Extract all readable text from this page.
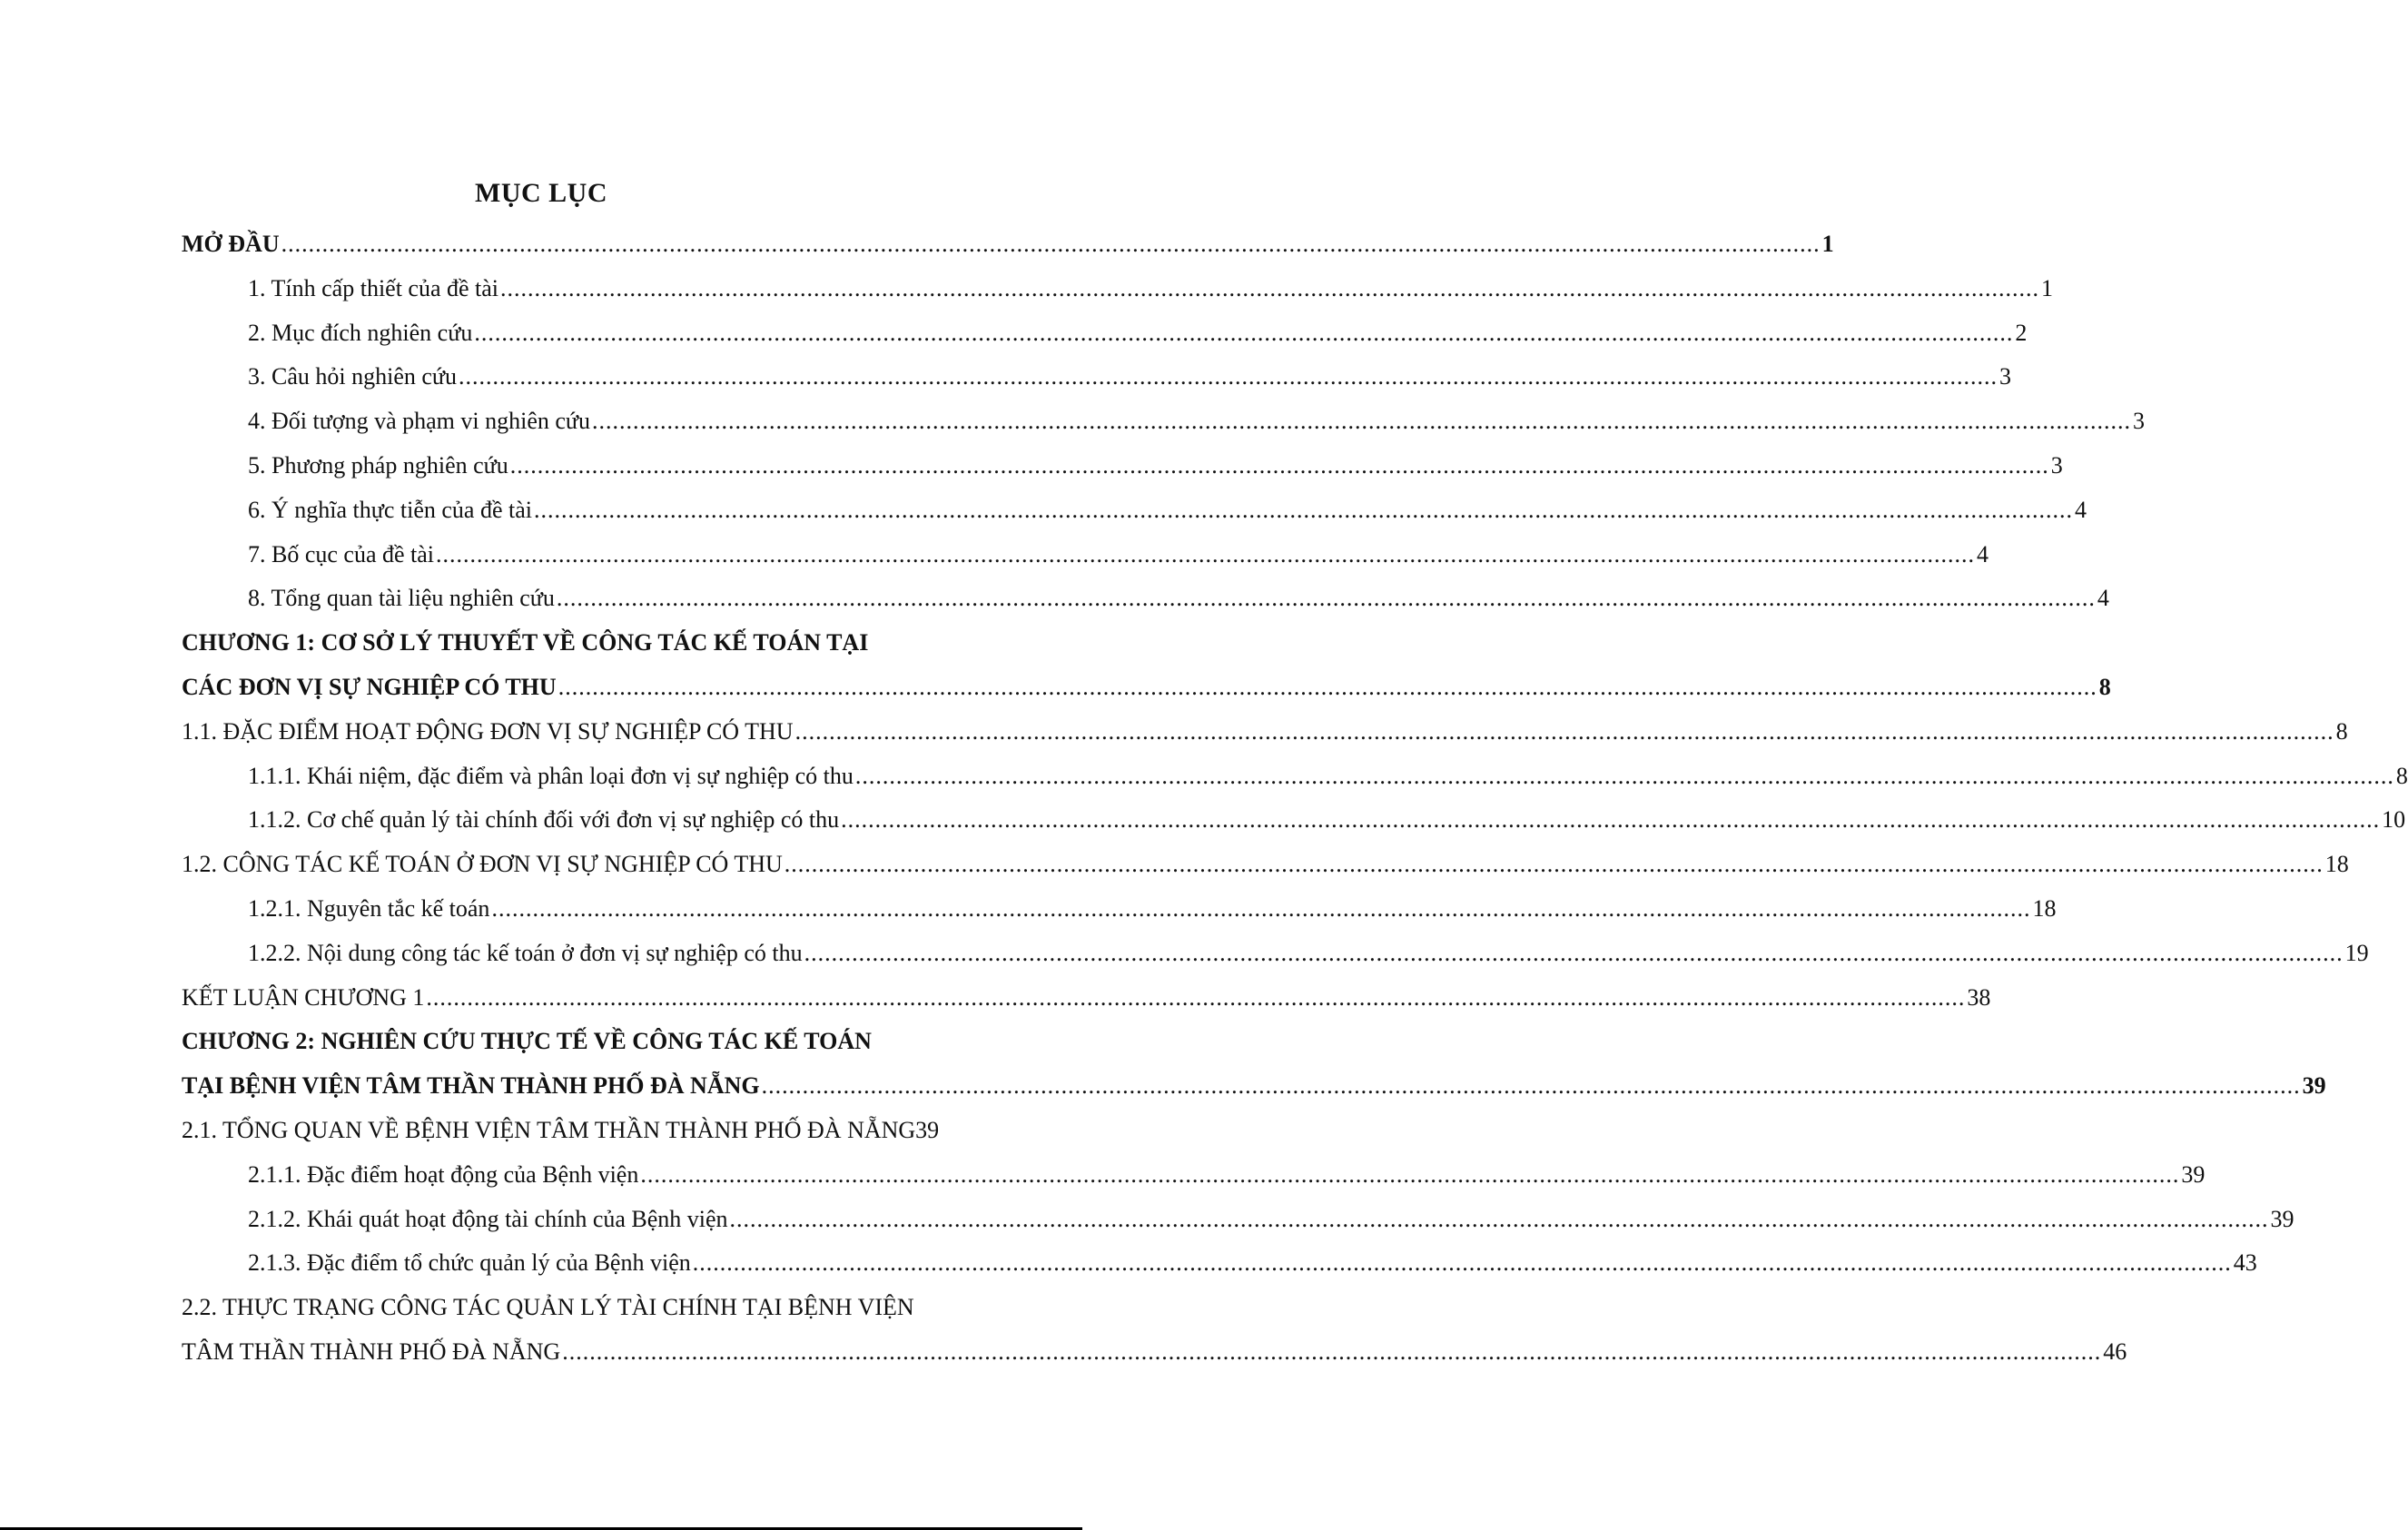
MỤC LỤC
MỞ ĐẦU .....	1
1. Tính cấp thiết của đề tài .....	1
2. Mục đích nghiên cứu .....	2
3. Câu hỏi nghiên cứu .....	3
4. Đối tượng và phạm vi nghiên cứu .....	3
5. Phương pháp nghiên cứu .....	3
6. Ý nghĩa thực tiễn của đề tài .....	4
7. Bố cục của đề tài .....	4
8. Tổng quan tài liệu nghiên cứu .....	4
CHƯƠNG 1: CƠ SỞ LÝ THUYẾT VỀ CÔNG TÁC KẾ TOÁN TẠI
CÁC ĐƠN VỊ SỰ NGHIỆP CÓ THU .....	8
1.1. ĐẶC ĐIỂM HOẠT ĐỘNG ĐƠN VỊ SỰ NGHIỆP CÓ THU .....	8
1.1.1. Khái niệm, đặc điểm và phân loại đơn vị sự nghiệp có thu .....	8
1.1.2. Cơ chế quản lý tài chính đối với đơn vị sự nghiệp có thu .....	10
1.2. CÔNG TÁC KẾ TOÁN Ở ĐƠN VỊ SỰ NGHIỆP CÓ THU .....	18
1.2.1. Nguyên tắc kế toán .....	18
1.2.2. Nội dung công tác kế toán ở đơn vị sự nghiệp có thu .....	19
KẾT LUẬN CHƯƠNG 1 .....	38
CHƯƠNG 2: NGHIÊN CỨU THỰC TẾ VỀ CÔNG TÁC KẾ TOÁN
TẠI BỆNH VIỆN TÂM THẦN THÀNH PHỐ ĐÀ NẴNG .....	39
2.1. TỔNG QUAN VỀ BỆNH VIỆN TÂM THẦN THÀNH PHỐ ĐÀ NẴNG 39
2.1.1. Đặc điểm hoạt động của Bệnh viện .....	39
2.1.2. Khái quát hoạt động tài chính của Bệnh viện .....	39
2.1.3. Đặc điểm tổ chức quản lý của Bệnh viện .....	43
2.2. THỰC TRẠNG CÔNG TÁC QUẢN LÝ TÀI CHÍNH TẠI BỆNH VIỆN
TÂM THẦN THÀNH PHỐ ĐÀ NẴNG .....	46
